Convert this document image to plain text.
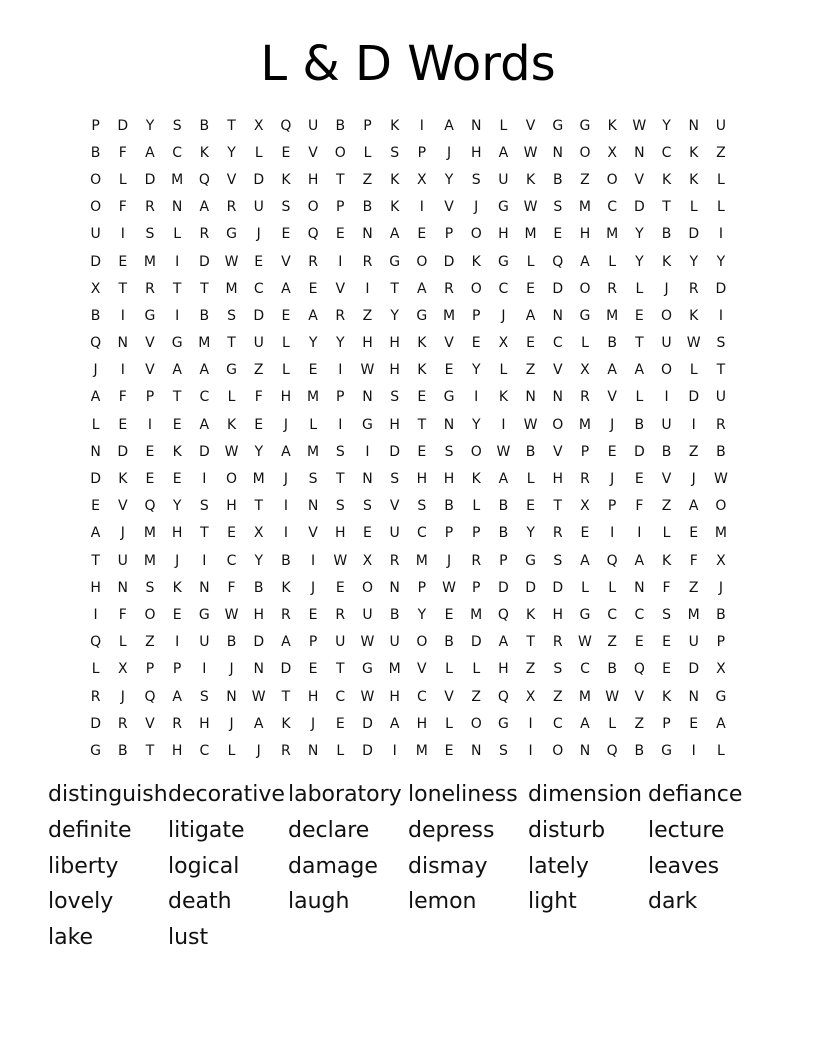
L & D Words
P	D	Y	S	B	T	X	Q	U	B	P	K	I	A	N	L	V	G	G	K	W	Y	N	U
B	F	A	C	K	Y	L	E	V	O	L	S	P	J	H	A	W	N	O	X	N	C	K	Z
O	L	D	M	Q	V	D	K	H	T	Z	K	X	Y	S	U	K	B	Z	O	V	K	K	L
O	F	R	N	A	R	U	S	O	P	B	K	I	V	J	G	W	S	M	C	D	T	L	L
U	I	S	L	R	G	J	E	Q	E	N	A	E	P	O	H	M	E	H	M	Y	B	D	I
D	E	M	I	D	W	E	V	R	I	R	G	O	D	K	G	L	Q	A	L	Y	K	Y	Y
X	T	R	T	T	M	C	A	E	V	I	T	A	R	O	C	E	D	O	R	L	J	R	D
B	I	G	I	B	S	D	E	A	R	Z	Y	G	M	P	J	A	N	G	M	E	O	K	I
Q	N	V	G	M	T	U	L	Y	Y	H	H	K	V	E	X	E	C	L	B	T	U	W	S
J	I	V	A	A	G	Z	L	E	I	W	H	K	E	Y	L	Z	V	X	A	A	O	L	T
A	F	P	T	C	L	F	H	M	P	N	S	E	G	I	K	N	N	R	V	L	I	D	U
L	E	I	E	A	K	E	J	L	I	G	H	T	N	Y	I	W	O	M	J	B	U	I	R
N	D	E	K	D	W	Y	A	M	S	I	D	E	S	O	W	B	V	P	E	D	B	Z	B
D	K	E	E	I	O	M	J	S	T	N	S	H	H	K	A	L	H	R	J	E	V	J	W
E	V	Q	Y	S	H	T	I	N	S	S	V	S	B	L	B	E	T	X	P	F	Z	A	O
A	J	M	H	T	E	X	I	V	H	E	U	C	P	P	B	Y	R	E	I	I	L	E	M
T	U	M	J	I	C	Y	B	I	W	X	R	M	J	R	P	G	S	A	Q	A	K	F	X
H	N	S	K	N	F	B	K	J	E	O	N	P	W	P	D	D	D	L	L	N	F	Z	J
I	F	O	E	G	W	H	R	E	R	U	B	Y	E	M	Q	K	H	G	C	C	S	M	B
Q	L	Z	I	U	B	D	A	P	U	W	U	O	B	D	A	T	R	W	Z	E	E	U	P
L	X	P	P	I	J	N	D	E	T	G	M	V	L	L	H	Z	S	C	B	Q	E	D	X
R	J	Q	A	S	N	W	T	H	C	W	H	C	V	Z	Q	X	Z	M	W	V	K	N	G
D	R	V	R	H	J	A	K	J	E	D	A	H	L	O	G	I	C	A	L	Z	P	E	A
G	B	T	H	C	L	J	R	N	L	D	I	M	E	N	S	I	O	N	Q	B	G	I	L
distinguish decorative laboratory loneliness dimension defiance
definite	litigate	declare	depress	disturb	lecture
liberty	logical	damage	dismay	lately	leaves
lovely	death	laugh	lemon	light	dark
lake	lust
